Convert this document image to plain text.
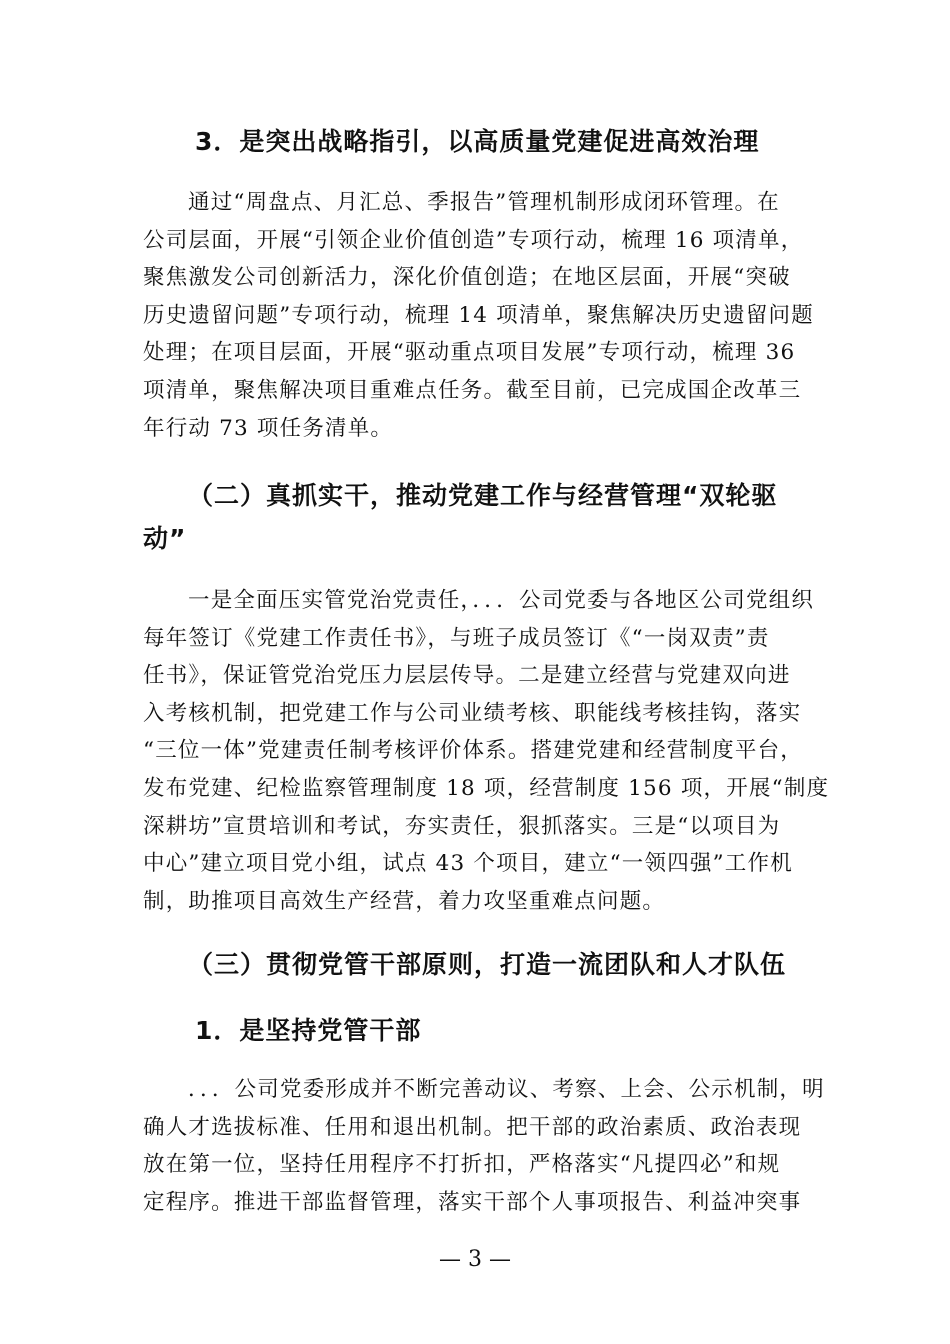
3．是突出战略指引，以高质量党建促进高效治理
通过“周盘点、月汇总、季报告”管理机制形成闭环管理。在
公司层面，开展“引领企业价值创造”专项行动，梳理 16 项清单，
聚焦激发公司创新活力，深化价值创造；在地区层面，开展“突破
历史遗留问题”专项行动，梳理 14 项清单，聚焦解决历史遗留问题
处理；在项目层面，开展“驱动重点项目发展”专项行动，梳理 36
项清单，聚焦解决项目重难点任务。截至目前，已完成国企改革三
年行动 73 项任务清单。
（二）真抓实干，推动党建工作与经营管理“双轮驱
动”
一是全面压实管党治党责任，．．．公司党委与各地区公司党组织
每年签订《党建工作责任书》，与班子成员签订《“一岗双责”责
任书》，保证管党治党压力层层传导。二是建立经营与党建双向进
入考核机制，把党建工作与公司业绩考核、职能线考核挂钩，落实
“三位一体”党建责任制考核评价体系。搭建党建和经营制度平台，
发布党建、纪检监察管理制度 18 项，经营制度 156 项，开展“制度
深耕坊”宣贯培训和考试，夯实责任，狠抓落实。三是“以项目为
中心”建立项目党小组，试点 43 个项目，建立“一领四强”工作机
制，助推项目高效生产经营，着力攻坚重难点问题。
（三）贯彻党管干部原则，打造一流团队和人才队伍
1．是坚持党管干部
．．．公司党委形成并不断完善动议、考察、上会、公示机制，明
确人才选拔标准、任用和退出机制。把干部的政治素质、政治表现
放在第一位，坚持任用程序不打折扣，严格落实“凡提四必”和规
定程序。推进干部监督管理，落实干部个人事项报告、利益冲突事
— 3 —
